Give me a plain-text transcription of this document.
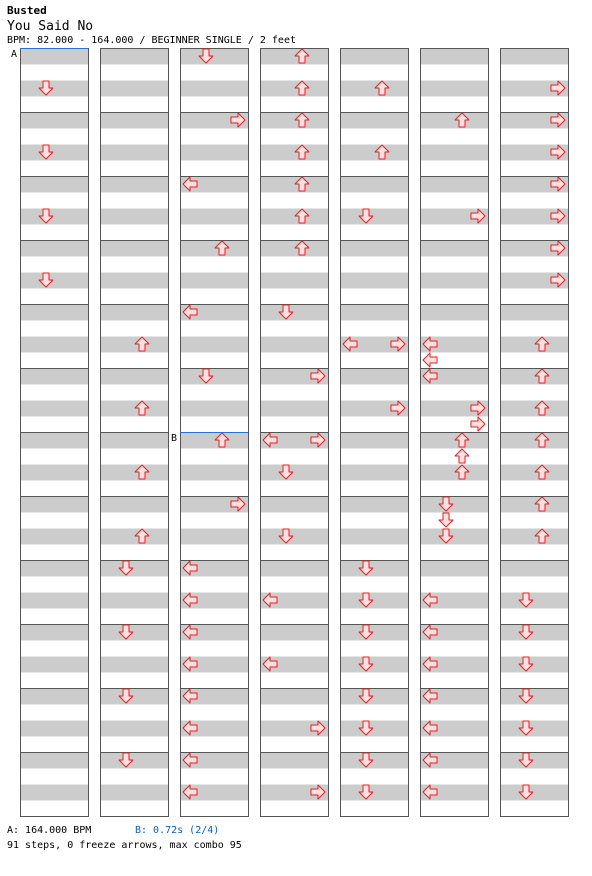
Busted
You Said No
BPM: 82.000 - 164.000 / BEGINNER SINGLE / 2 feet
A
B
A: 164.000 BPM	B: 0.72s (2/4)
91 steps, 0 freeze arrows, max combo 95
